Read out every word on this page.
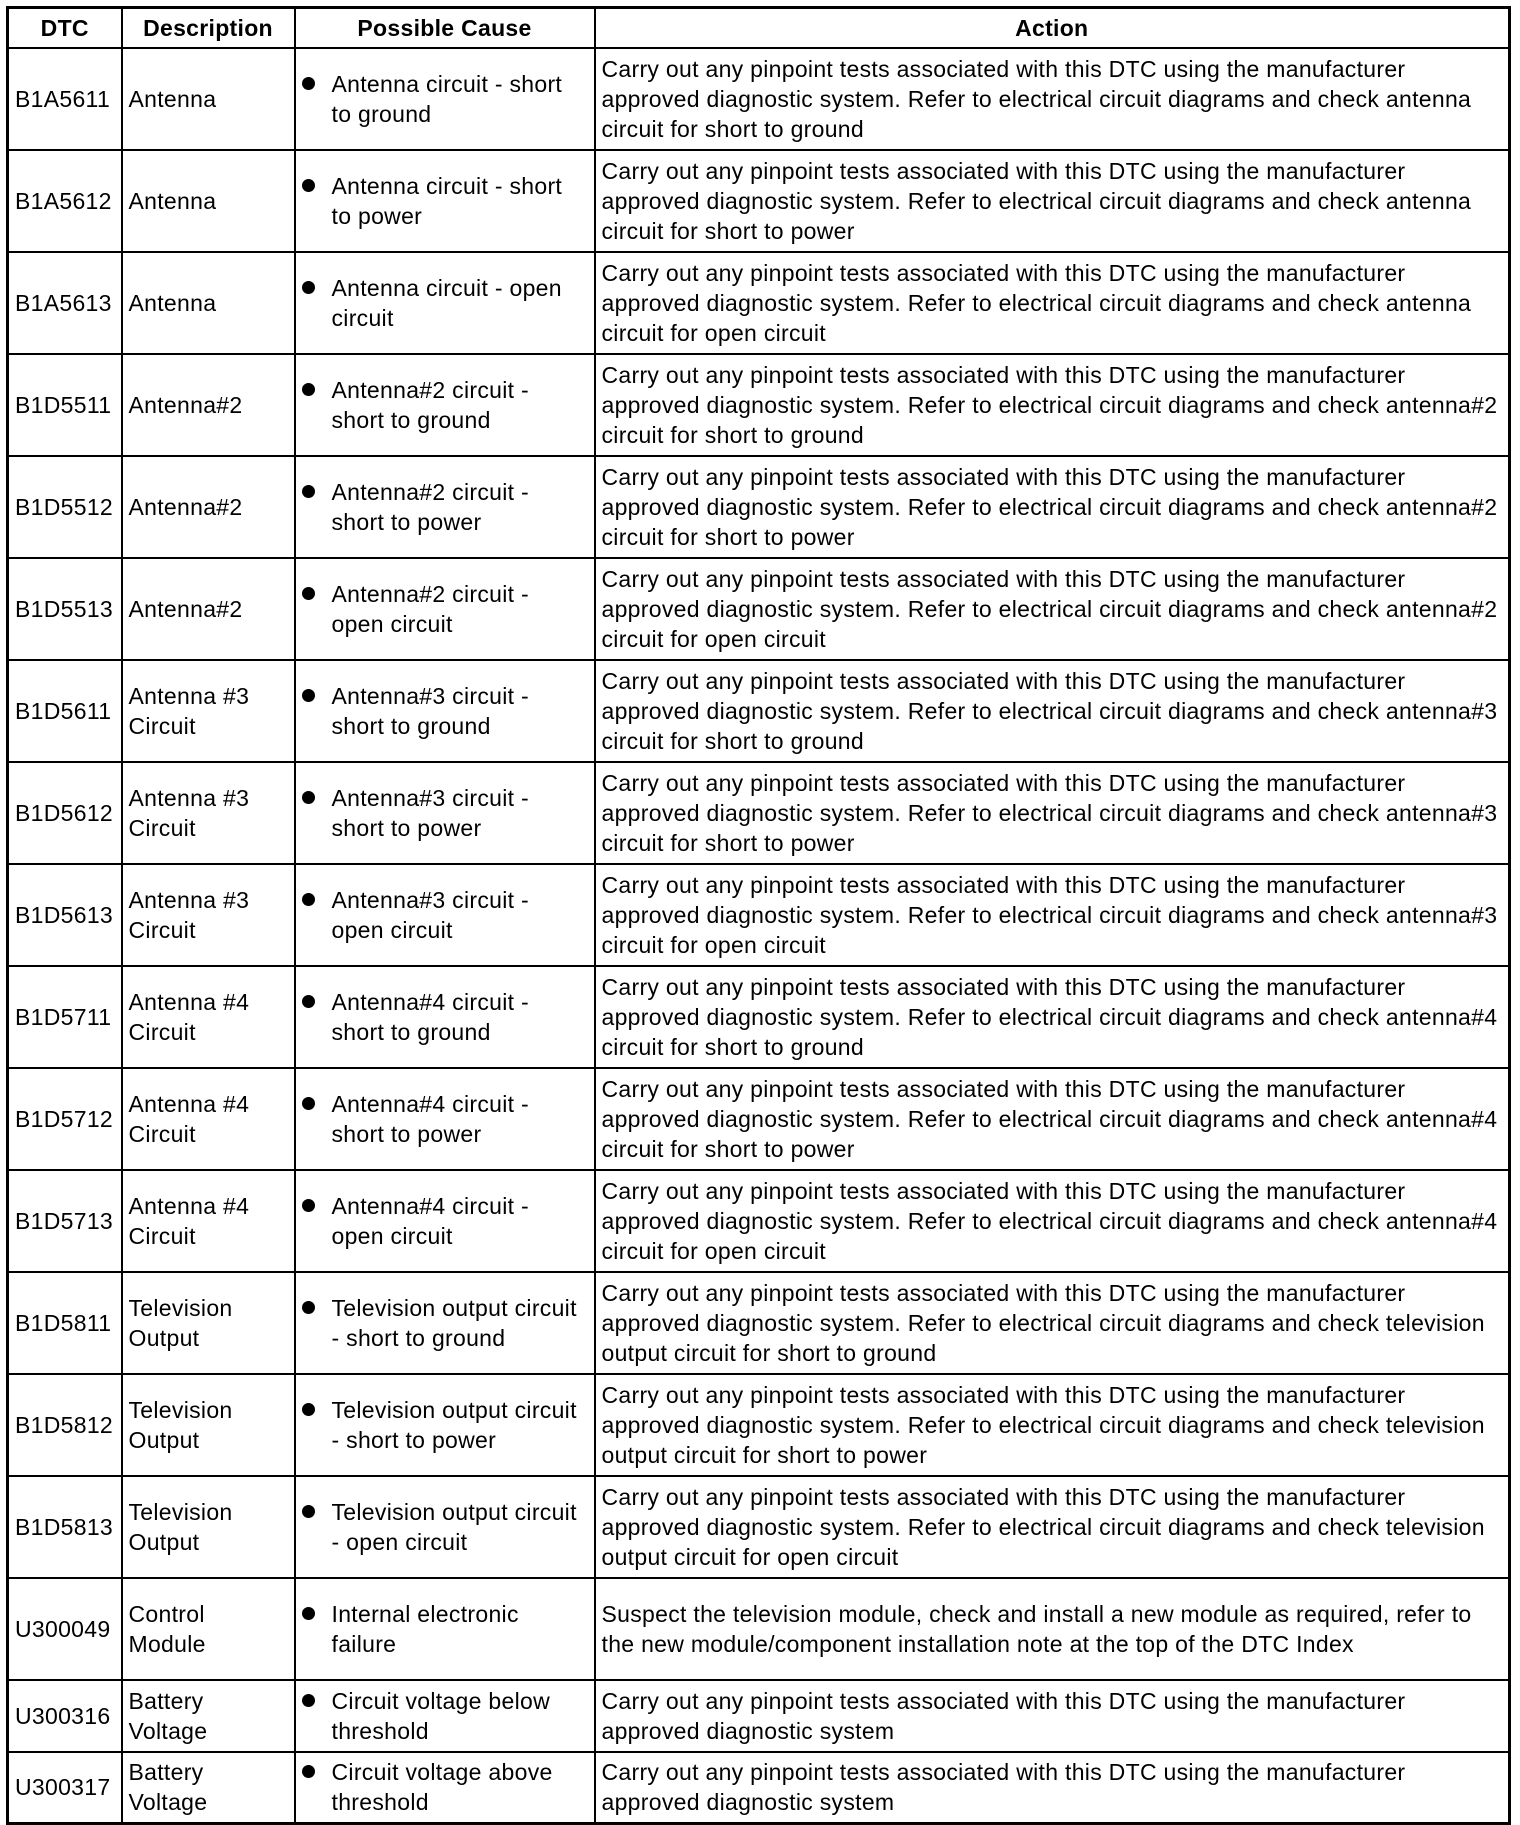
DTC	Description	Possible Cause	Action
B1A5611	Antenna	Antenna circuit - short to ground	Carry out any pinpoint tests associated with this DTC using the manufacturer approved diagnostic system. Refer to electrical circuit diagrams and check antenna circuit for short to ground
B1A5612	Antenna	Antenna circuit - short to power	Carry out any pinpoint tests associated with this DTC using the manufacturer approved diagnostic system. Refer to electrical circuit diagrams and check antenna circuit for short to power
B1A5613	Antenna	Antenna circuit - open circuit	Carry out any pinpoint tests associated with this DTC using the manufacturer approved diagnostic system. Refer to electrical circuit diagrams and check antenna circuit for open circuit
B1D5511	Antenna#2	Antenna#2 circuit - short to ground	Carry out any pinpoint tests associated with this DTC using the manufacturer approved diagnostic system. Refer to electrical circuit diagrams and check antenna#2 circuit for short to ground
B1D5512	Antenna#2	Antenna#2 circuit - short to power	Carry out any pinpoint tests associated with this DTC using the manufacturer approved diagnostic system. Refer to electrical circuit diagrams and check antenna#2 circuit for short to power
B1D5513	Antenna#2	Antenna#2 circuit - open circuit	Carry out any pinpoint tests associated with this DTC using the manufacturer approved diagnostic system. Refer to electrical circuit diagrams and check antenna#2 circuit for open circuit
B1D5611	Antenna #3 Circuit	Antenna#3 circuit - short to ground	Carry out any pinpoint tests associated with this DTC using the manufacturer approved diagnostic system. Refer to electrical circuit diagrams and check antenna#3 circuit for short to ground
B1D5612	Antenna #3 Circuit	Antenna#3 circuit - short to power	Carry out any pinpoint tests associated with this DTC using the manufacturer approved diagnostic system. Refer to electrical circuit diagrams and check antenna#3 circuit for short to power
B1D5613	Antenna #3 Circuit	Antenna#3 circuit - open circuit	Carry out any pinpoint tests associated with this DTC using the manufacturer approved diagnostic system. Refer to electrical circuit diagrams and check antenna#3 circuit for open circuit
B1D5711	Antenna #4 Circuit	Antenna#4 circuit - short to ground	Carry out any pinpoint tests associated with this DTC using the manufacturer approved diagnostic system. Refer to electrical circuit diagrams and check antenna#4 circuit for short to ground
B1D5712	Antenna #4 Circuit	Antenna#4 circuit - short to power	Carry out any pinpoint tests associated with this DTC using the manufacturer approved diagnostic system. Refer to electrical circuit diagrams and check antenna#4 circuit for short to power
B1D5713	Antenna #4 Circuit	Antenna#4 circuit - open circuit	Carry out any pinpoint tests associated with this DTC using the manufacturer approved diagnostic system. Refer to electrical circuit diagrams and check antenna#4 circuit for open circuit
B1D5811	Television Output	Television output circuit - short to ground	Carry out any pinpoint tests associated with this DTC using the manufacturer approved diagnostic system. Refer to electrical circuit diagrams and check television output circuit for short to ground
B1D5812	Television Output	Television output circuit - short to power	Carry out any pinpoint tests associated with this DTC using the manufacturer approved diagnostic system. Refer to electrical circuit diagrams and check television output circuit for short to power
B1D5813	Television Output	Television output circuit - open circuit	Carry out any pinpoint tests associated with this DTC using the manufacturer approved diagnostic system. Refer to electrical circuit diagrams and check television output circuit for open circuit
U300049	Control Module	Internal electronic failure	Suspect the television module, check and install a new module as required, refer to the new module/component installation note at the top of the DTC Index
U300316	Battery Voltage	Circuit voltage below threshold	Carry out any pinpoint tests associated with this DTC using the manufacturer approved diagnostic system
U300317	Battery Voltage	Circuit voltage above threshold	Carry out any pinpoint tests associated with this DTC using the manufacturer approved diagnostic system
